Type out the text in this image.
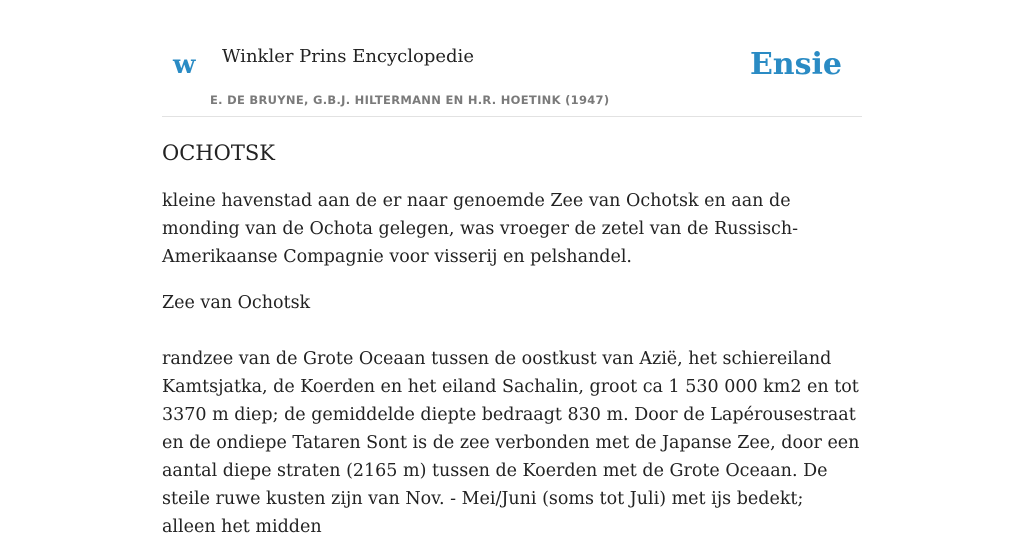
w Winkler Prins Encyclopedie
E. DE BRUYNE, G.B.J. HILTERMANN EN H.R. HOETINK (1947)
Ensie
OCHOTSK

kleine havenstad aan de er naar genoemde Zee van Ochotsk en aan de monding van de Ochota gelegen, was vroeger de zetel van de Russisch-Amerikaanse Compagnie voor visserij en pelshandel.

Zee van Ochotsk

randzee van de Grote Oceaan tussen de oostkust van Azië, het schiereiland Kamtsjatka, de Koerden en het eiland Sachalin, groot ca 1 530 000 km2 en tot 3370 m diep; de gemiddelde diepte bedraagt 830 m. Door de Lapérousestraat en de ondiepe Tataren Sont is de zee verbonden met de Japanse Zee, door een aantal diepe straten (2165 m) tussen de Koerden met de Grote Oceaan. De steile ruwe kusten zijn van Nov. - Mei/Juni (soms tot Juli) met ijs bedekt; alleen het midden
